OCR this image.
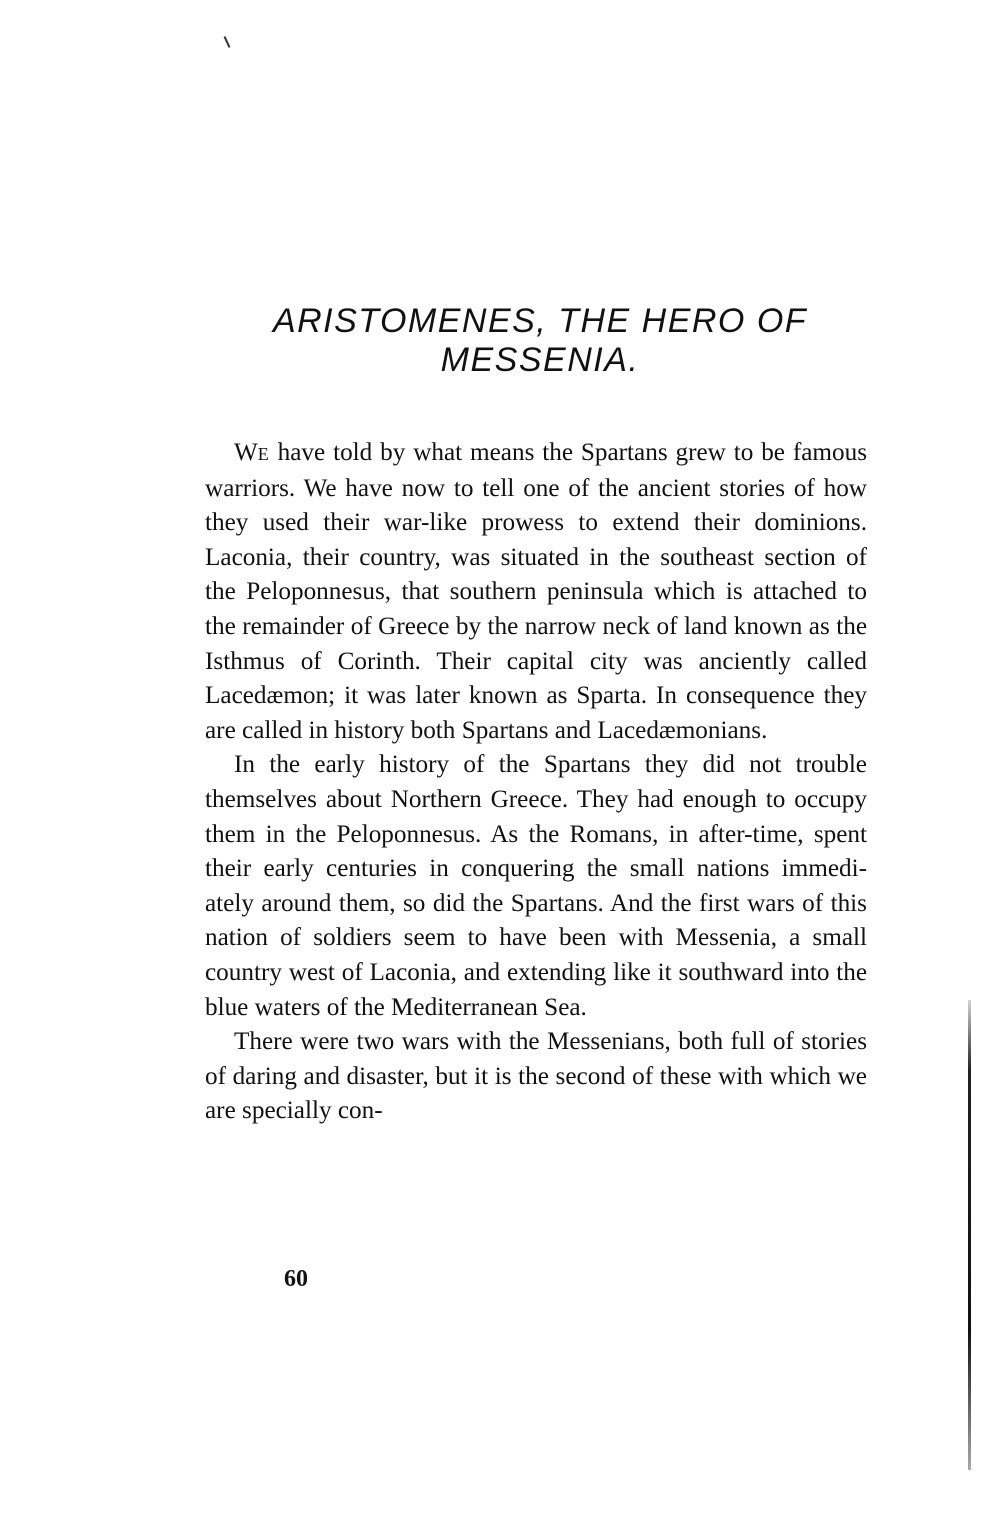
ARISTOMENES, THE HERO OF
MESSENIA.

WE have told by what means the Spartans grew to be famous warriors. We have now to tell one of the ancient stories of how they used their war-like prowess to extend their dominions. Laconia, their country, was situated in the southeast section of the Peloponnesus, that southern peninsula which is attached to the remainder of Greece by the narrow neck of land known as the Isthmus of Corinth. Their capital city was anciently called Lacedæmon; it was later known as Sparta. In consequence they are called in history both Spartans and Lacedæmonians.

In the early history of the Spartans they did not trouble themselves about Northern Greece. They had enough to occupy them in the Peloponnesus. As the Romans, in after-time, spent their early centuries in conquering the small nations immedi-ately around them, so did the Spartans. And the first wars of this nation of soldiers seem to have been with Messenia, a small country west of Laconia, and extending like it southward into the blue waters of the Mediterranean Sea.

There were two wars with the Messenians, both full of stories of daring and disaster, but it is the second of these with which we are specially con-

60
